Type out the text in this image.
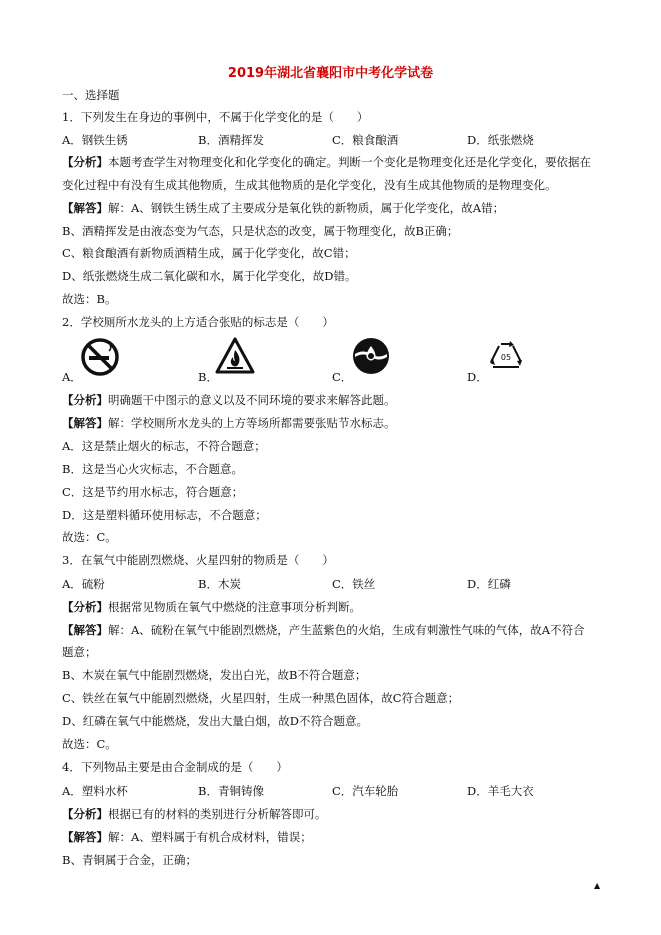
2019年湖北省襄阳市中考化学试卷
一、选择题
1．下列发生在身边的事例中，不属于化学变化的是（　　）
A．钢铁生锈	B．酒精挥发	C．粮食酿酒	D．纸张燃烧
【分析】本题考查学生对物理变化和化学变化的确定。判断一个变化是物理变化还是化学变化，要依据在
变化过程中有没有生成其他物质，生成其他物质的是化学变化，没有生成其他物质的是物理变化。
【解答】解：A、钢铁生锈生成了主要成分是氧化铁的新物质，属于化学变化，故A错；
B、酒精挥发是由液态变为气态，只是状态的改变，属于物理变化，故B正确；
C、粮食酿酒有新物质酒精生成，属于化学变化，故C错；
D、纸张燃烧生成二氧化碳和水，属于化学变化，故D错。
故选：B。
2．学校厕所水龙头的上方适合张贴的标志是（　　）
A．	B．	C．	D．
05
【分析】明确题干中图示的意义以及不同环境的要求来解答此题。
【解答】解：学校厕所水龙头的上方等场所都需要张贴节水标志。
A．这是禁止烟火的标志，不符合题意；
B．这是当心火灾标志，不合题意。
C．这是节约用水标志，符合题意；
D．这是塑料循环使用标志，不合题意；
故选：C。
3．在氧气中能剧烈燃烧、火星四射的物质是（　　）
A．硫粉	B．木炭	C．铁丝	D．红磷
【分析】根据常见物质在氧气中燃烧的注意事项分析判断。
【解答】解：A、硫粉在氧气中能剧烈燃烧，产生蓝紫色的火焰，生成有刺激性气味的气体，故A不符合
题意；
B、木炭在氧气中能剧烈燃烧，发出白光，故B不符合题意；
C、铁丝在氧气中能剧烈燃烧，火星四射，生成一种黑色固体，故C符合题意；
D、红磷在氧气中能燃烧，发出大量白烟，故D不符合题意。
故选：C。
4．下列物品主要是由合金制成的是（　　）
A．塑料水杯	B．青铜铸像	C．汽车轮胎	D．羊毛大衣
【分析】根据已有的材料的类别进行分析解答即可。
【解答】解：A、塑料属于有机合成材料，错误；
B、青铜属于合金，正确；
▲
